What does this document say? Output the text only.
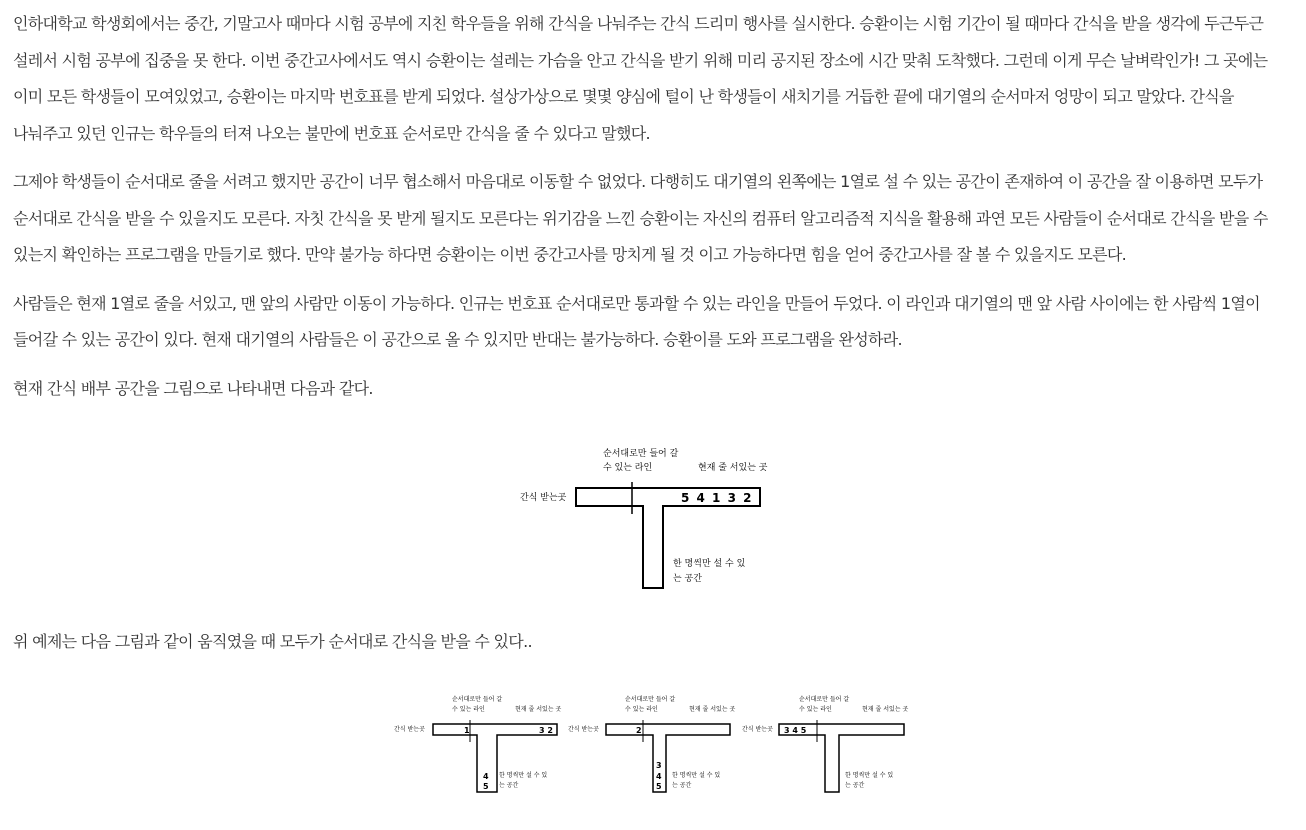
인하대학교 학생회에서는 중간, 기말고사 때마다 시험 공부에 지친 학우들을 위해 간식을 나눠주는 간식 드리미 행사를 실시한다. 승환이는 시험 기간이 될 때마다 간식을 받을 생각에 두근두근 설레서 시험 공부에 집중을 못 한다. 이번 중간고사에서도 역시 승환이는 설레는 가슴을 안고 간식을 받기 위해 미리 공지된 장소에 시간 맞춰 도착했다. 그런데 이게 무슨 날벼락인가! 그 곳에는 이미 모든 학생들이 모여있었고, 승환이는 마지막 번호표를 받게 되었다. 설상가상으로 몇몇 양심에 털이 난 학생들이 새치기를 거듭한 끝에 대기열의 순서마저 엉망이 되고 말았다. 간식을 나눠주고 있던 인규는 학우들의 터져 나오는 불만에 번호표 순서로만 간식을 줄 수 있다고 말했다.

그제야 학생들이 순서대로 줄을 서려고 했지만 공간이 너무 협소해서 마음대로 이동할 수 없었다. 다행히도 대기열의 왼쪽에는 1열로 설 수 있는 공간이 존재하여 이 공간을 잘 이용하면 모두가 순서대로 간식을 받을 수 있을지도 모른다. 자칫 간식을 못 받게 될지도 모른다는 위기감을 느낀 승환이는 자신의 컴퓨터 알고리즘적 지식을 활용해 과연 모든 사람들이 순서대로 간식을 받을 수 있는지 확인하는 프로그램을 만들기로 했다. 만약 불가능 하다면 승환이는 이번 중간고사를 망치게 될 것 이고 가능하다면 힘을 얻어 중간고사를 잘 볼 수 있을지도 모른다.

사람들은 현재 1열로 줄을 서있고, 맨 앞의 사람만 이동이 가능하다. 인규는 번호표 순서대로만 통과할 수 있는 라인을 만들어 두었다. 이 라인과 대기열의 맨 앞 사람 사이에는 한 사람씩 1열이 들어갈 수 있는 공간이 있다. 현재 대기열의 사람들은 이 공간으로 올 수 있지만 반대는 불가능하다. 승환이를 도와 프로그램을 완성하라.

현재 간식 배부 공간을 그림으로 나타내면 다음과 같다.

순서대로만 들어 갈
수 있는 라인	현재 줄 서있는 곳
간식 받는곳	5 4 1 3 2
한 명씩만 설 수 있
는 공간
위 예제는 다음 그림과 같이 움직였을 때 모두가 순서대로 간식을 받을 수 있다..
순서대로만 들어 갈
수 있는 라인	현재 줄 서있는 곳
간식 받는곳	1	3 2
4
5
한 명씩만 설 수 있
는 공간
순서대로만 들어 갈
수 있는 라인	현재 줄 서있는 곳
간식 받는곳	2
3
4
5
한 명씩만 설 수 있
는 공간
순서대로만 들어 갈
수 있는 라인	현재 줄 서있는 곳
간식 받는곳 3 4 5
한 명씩만 설 수 있
는 공간
